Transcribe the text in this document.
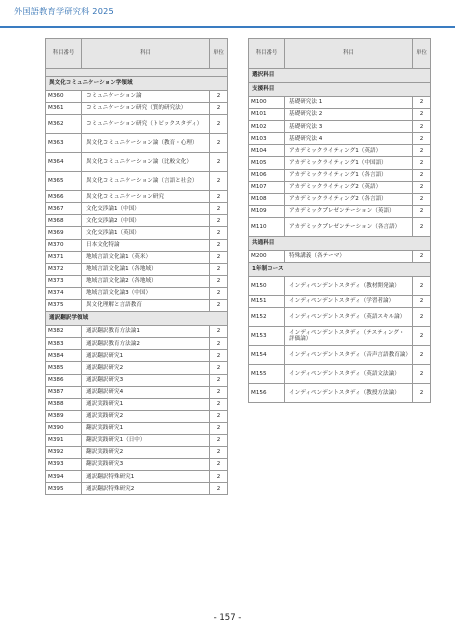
外国語教育学研究科 2025
科目番号	科目	単位

異文化コミュニケーション学領域		
M360	コミュニケーション論	2
M361	コミュニケーション研究（質的研究法）	2
M362	コミュニケーション研究（トピックスタディ）	2
M363	異文化コミュニケーション論（教育・心理）	2
M364	異文化コミュニケーション論（比較文化）	2
M365	異文化コミュニケーション論（言語と社会）	2
M366	異文化コミュニケーション研究	2
M367	文化交渉論1（中国）	2
M368	文化交渉論2（中国）	2
M369	文化交渉論1（英国）	2
M370	日本文化特論	2
M371	地域言語文化論1（英米）	2
M372	地域言語文化論1（各地域）	2
M373	地域言語文化論2（各地域）	2
M374	地域言語文化論3（中国）	2
M375	異文化理解と言語教育	2
通訳翻訳学領域		
M382	通訳翻訳教育方法論1	2
M383	通訳翻訳教育方法論2	2
M384	通訳翻訳研究1	2
M385	通訳翻訳研究2	2
M386	通訳翻訳研究3	2
M387	通訳翻訳研究4	2
M388	通訳実践研究1	2
M389	通訳実践研究2	2
M390	翻訳実践研究1	2
M391	翻訳実践研究1（日中）	2
M392	翻訳実践研究2	2
M393	翻訳実践研究3	2
M394	通訳翻訳特殊研究1	2
M395	通訳翻訳特殊研究2	2
科目番号	科目	単位
選択科目		
支援科目		
M100	基礎研究法 1	2
M101	基礎研究法 2	2
M102	基礎研究法 3	2
M103	基礎研究法 4	2
M104	アカデミックライティング1（英語）	2
M105	アカデミックライティング1（中国語）	2
M106	アカデミックライティング1（各言語）	2
M107	アカデミックライティング2（英語）	2
M108	アカデミックライティング2（各言語）	2
M109	アカデミックプレゼンテーション（英語）	2
M110	アカデミックプレゼンテーション（各言語）	2
共通科目		
M200	特殊講義（各テーマ）	2
1年制コース		
M150	インディペンデントスタディ（教材開発論）	2
M151	インディペンデントスタディ（学習者論）	2
M152	インディペンデントスタディ（英語スキル論）	2
M153	インディペンデントスタディ（テスティング・評価論）	2
M154	インディペンデントスタディ（音声言語教育論）	2
M155	インディペンデントスタディ（英語文法論）	2
M156	インディペンデントスタディ（教授方法論）	2
- 157 -
